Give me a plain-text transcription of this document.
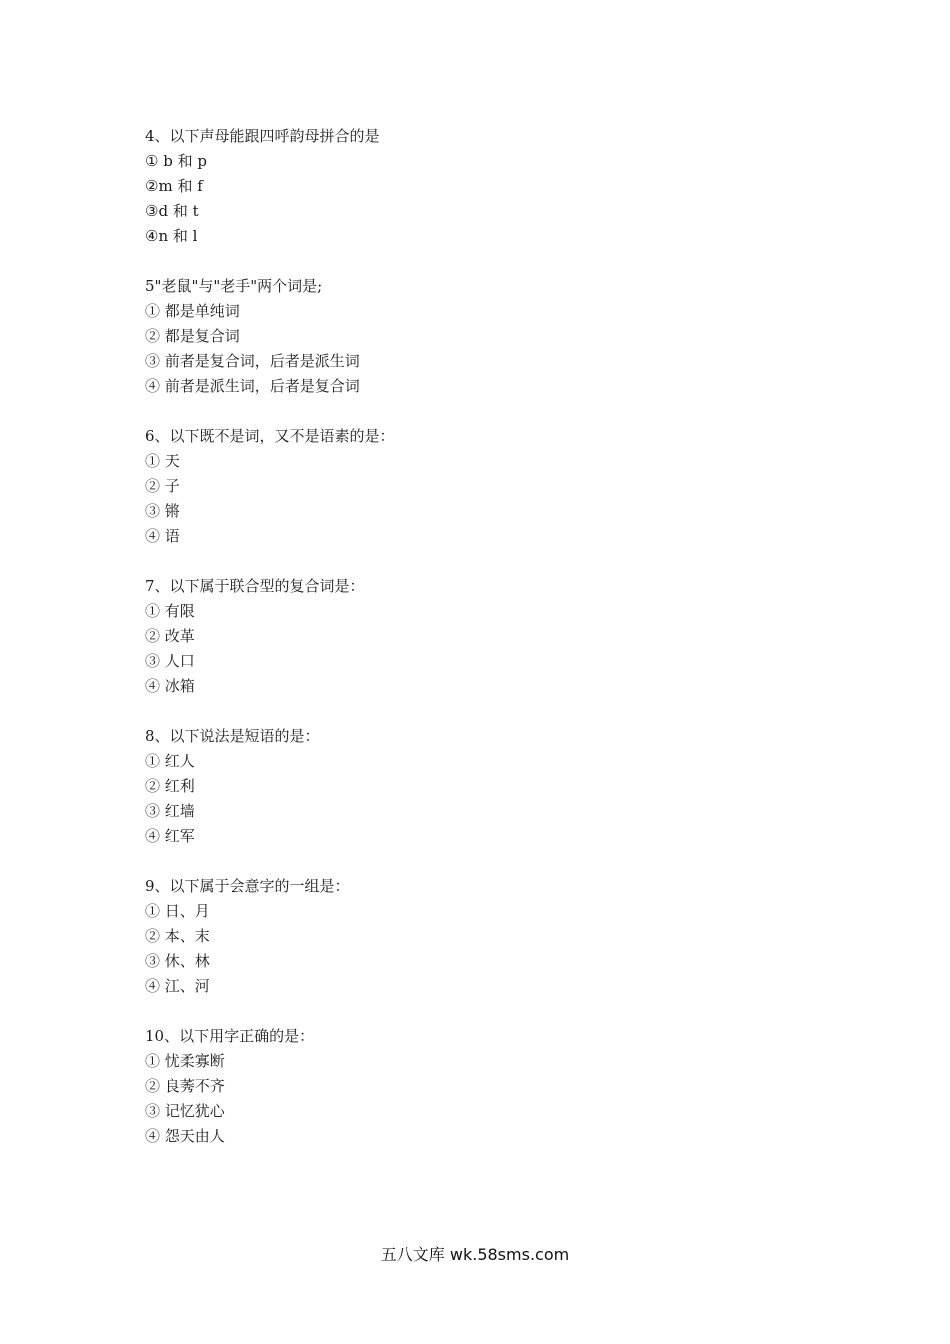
4、以下声母能跟四呼韵母拼合的是
① b 和 p
②m 和 f
③d 和 t
④n 和 l
5"老鼠"与"老手"两个词是;
① 都是单纯词
② 都是复合词
③ 前者是复合词，后者是派生词
④ 前者是派生词，后者是复合词
6、以下既不是词，又不是语素的是：
① 天
② 子
③ 锵
④ 语
7、以下属于联合型的复合词是：
① 有限
② 改革
③ 人口
④ 冰箱
8、以下说法是短语的是：
① 红人
② 红利
③ 红墙
④ 红军
9、以下属于会意字的一组是：
① 日、月
② 本、末
③ 休、林
④ 江、河
10、以下用字正确的是：
① 忧柔寡断
② 良莠不齐
③ 记忆犹心
④ 怨天由人
五八文库 wk.58sms.com
